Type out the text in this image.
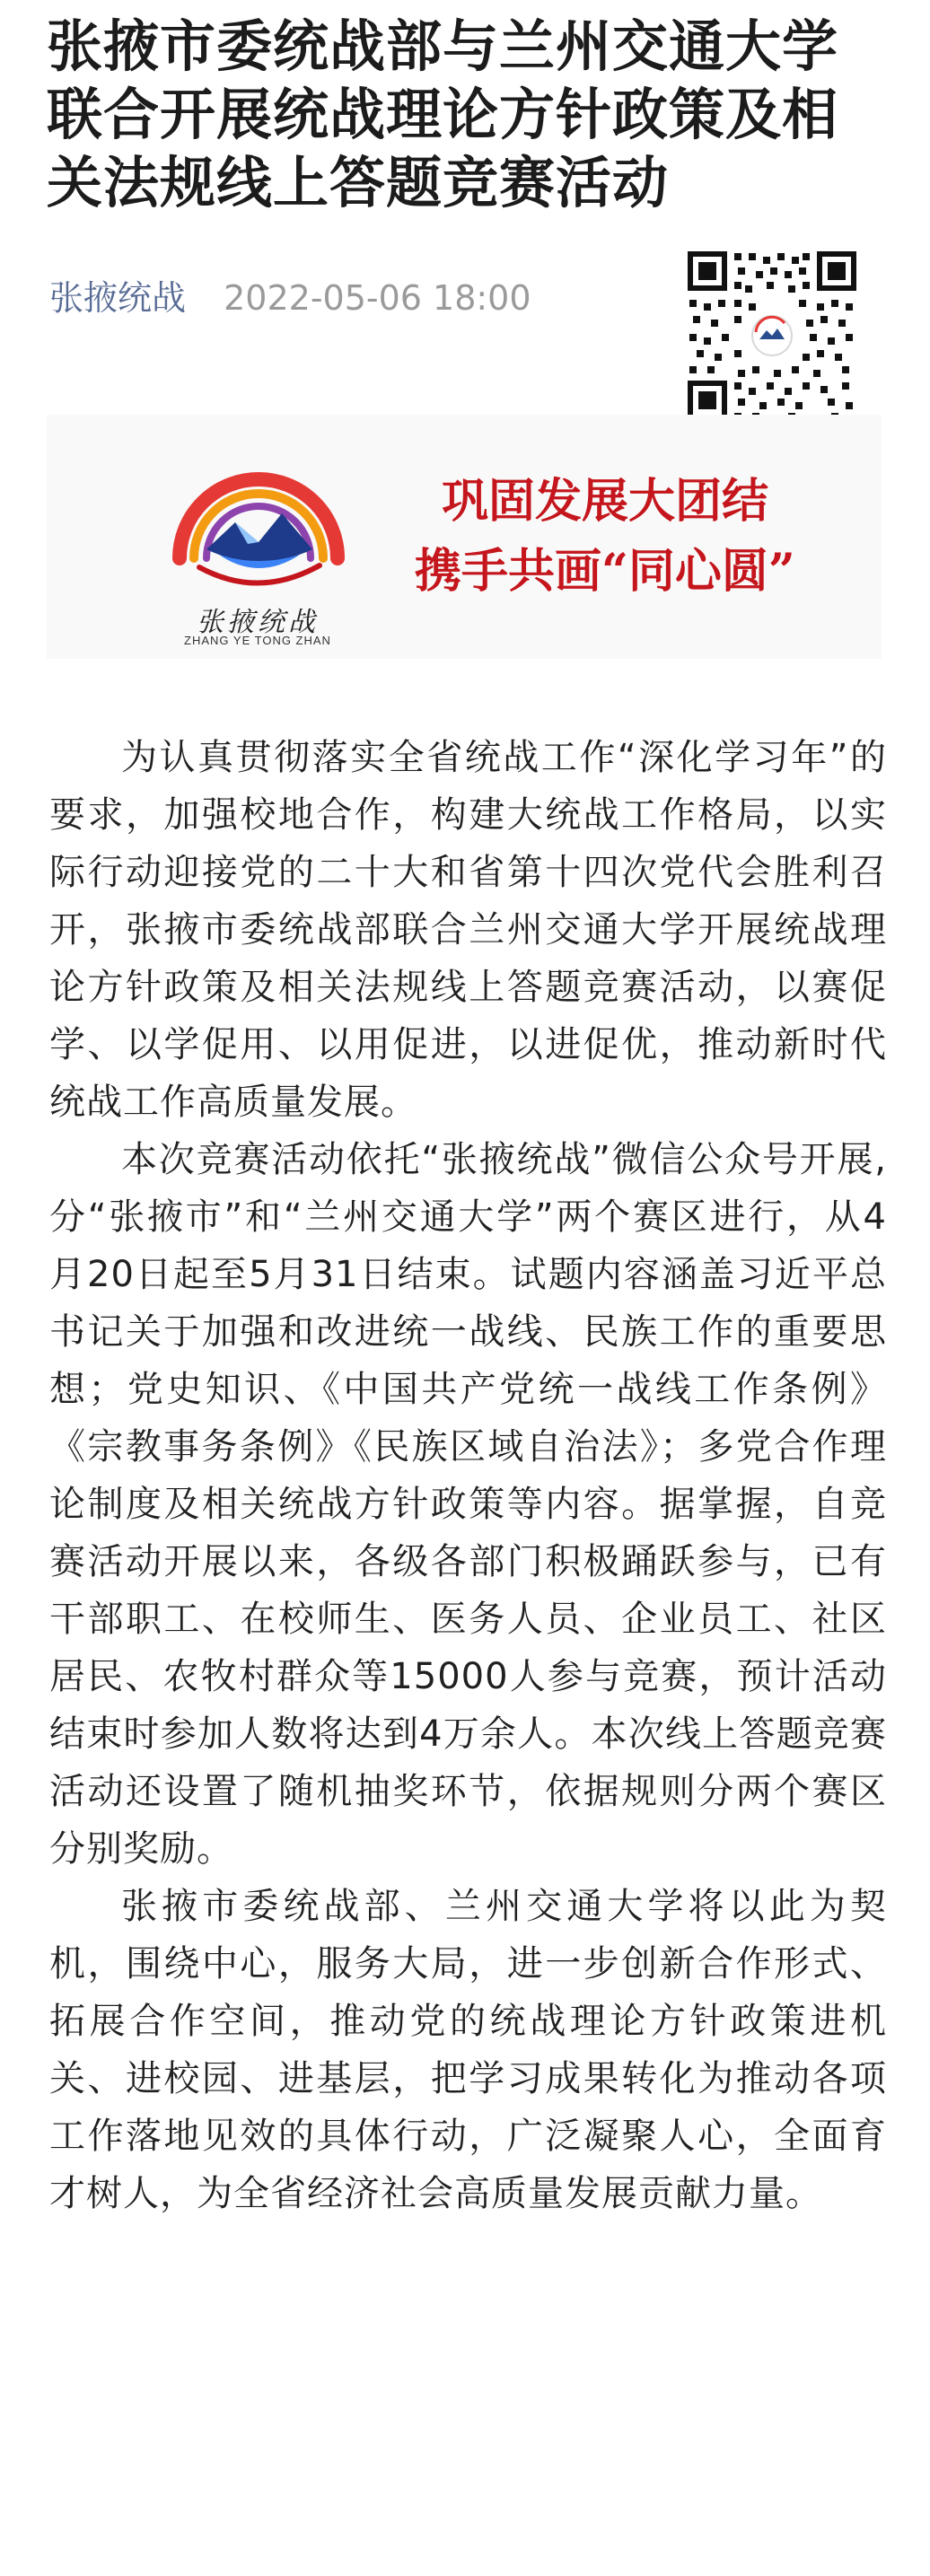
张掖市委统战部与兰州交通大学联合开展统战理论方针政策及相关法规线上答题竞赛活动
张掖统战 2022-05-06 18:00
张掖统战
ZHANG YE TONG ZHAN
巩固发展大团结
携手共画“同心圆”

为认真贯彻落实全省统战工作“深化学习年”的要求，加强校地合作，构建大统战工作格局，以实际行动迎接党的二十大和省第十四次党代会胜利召开，张掖市委统战部联合兰州交通大学开展统战理论方针政策及相关法规线上答题竞赛活动，以赛促学、以学促用、以用促进，以进促优，推动新时代统战工作高质量发展。

本次竞赛活动依托“张掖统战”微信公众号开展,分“张掖市”和“兰州交通大学”两个赛区进行，从4月20日起至5月31日结束。试题内容涵盖习近平总书记关于加强和改进统一战线、民族工作的重要思想；党史知识、《中国共产党统一战线工作条例》《宗教事务条例》《民族区域自治法》；多党合作理论制度及相关统战方针政策等内容。据掌握，自竞赛活动开展以来，各级各部门积极踊跃参与，已有干部职工、在校师生、医务人员、企业员工、社区居民、农牧村群众等15000人参与竞赛，预计活动结束时参加人数将达到4万余人。本次线上答题竞赛活动还设置了随机抽奖环节，依据规则分两个赛区分别奖励。

张掖市委统战部、兰州交通大学将以此为契机，围绕中心，服务大局，进一步创新合作形式、拓展合作空间，推动党的统战理论方针政策进机关、进校园、进基层，把学习成果转化为推动各项工作落地见效的具体行动，广泛凝聚人心，全面育才树人，为全省经济社会高质量发展贡献力量。
